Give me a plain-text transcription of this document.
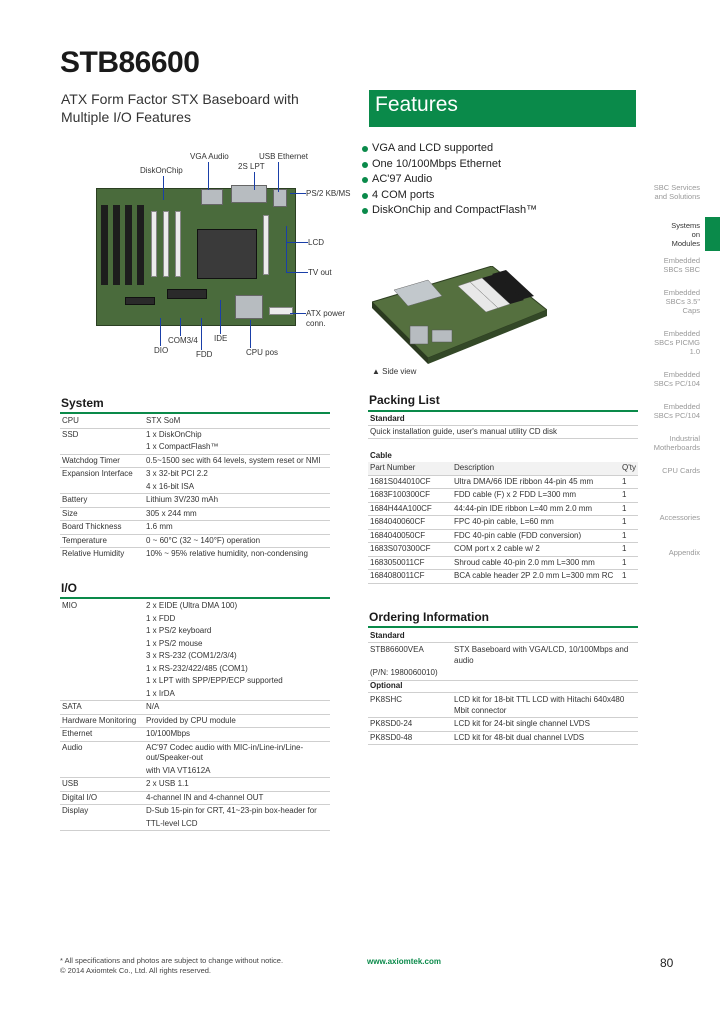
STB86600
ATX Form Factor STX Baseboard with
Multiple I/O Features
Features
VGA and LCD supported
One 10/100Mbps Ethernet
AC'97 Audio
4 COM ports
DiskOnChip and CompactFlash™
DiskOnChip
VGA Audio	USB Ethernet
2S LPT
PS/2 KB/MS
LCD
TV out
ATX power
conn.
DIO
COM3/4
FDD
IDE
CPU pos
▲ Side view
System
CPU	STX SoM
SSD	1 x DiskOnChip
	1 x CompactFlash™
Watchdog Timer	0.5~1500 sec with 64 levels, system reset or NMI
Expansion Interface	3 x 32-bit PCI 2.2
	4 x 16-bit ISA
Battery	Lithium 3V/230 mAh
Size	305 x 244 mm
Board Thickness	1.6 mm
Temperature	0 ~ 60°C (32 ~ 140°F) operation
Relative Humidity	10% ~ 95% relative humidity, non-condensing
I/O
MIO	2 x EIDE (Ultra DMA 100)
	1 x FDD
	1 x PS/2 keyboard
	1 x PS/2 mouse
	3 x RS-232 (COM1/2/3/4)
	1 x RS-232/422/485 (COM1)
	1 x LPT with SPP/EPP/ECP supported
	1 x IrDA
SATA	N/A
Hardware Monitoring	Provided by CPU module
Ethernet	10/100Mbps
Audio	AC'97 Codec audio with MIC-in/Line-in/Line-out/Speaker-out
	with VIA VT1612A
USB	2 x USB 1.1
Digital I/O	4-channel IN and 4-channel OUT
Display	D-Sub 15-pin for CRT, 41~23-pin box-header for
	TTL-level LCD
Packing List
Standard
Quick installation guide, user's manual utility CD disk
Cable
Part Number	Description	Q'ty
1681S044010CF	Ultra DMA/66 IDE ribbon 44-pin 45 mm	1
1683F100300CF	FDD cable (F) x 2 FDD L=300 mm	1
1684H44A100CF	44:44-pin IDE ribbon L=40 mm 2.0 mm	1
1684040060CF	FPC 40-pin cable, L=60 mm	1
1684040050CF	FDC 40-pin cable (FDD conversion)	1
1683S070300CF	COM port x 2 cable w/ 2	1
1683050011CF	Shroud cable 40-pin 2.0 mm L=300 mm	1
1684080011CF	BCA cable header 2P 2.0 mm L=300 mm RC	1
Ordering Information
Standard
STB86600VEA	STX Baseboard with VGA/LCD, 10/100Mbps and audio
(P/N: 1980060010)	
Optional
PK8SHC	LCD kit for 18-bit TTL LCD with Hitachi 640x480 Mbit connector
PK8SD0-24	LCD kit for 24-bit single channel LVDS
PK8SD0-48	LCD kit for 48-bit dual channel LVDS
SBC Services and Solutions
Systems on Modules
Embedded SBCs SBC
Embedded SBCs 3.5" Caps
Embedded SBCs PICMG 1.0
Embedded SBCs PC/104
Embedded SBCs PC/104
Industrial Motherboards
CPU Cards
Accessories
Appendix
* All specifications and photos are subject to change without notice.
© 2014 Axiomtek Co., Ltd. All rights reserved.
www.axiomtek.com	80
